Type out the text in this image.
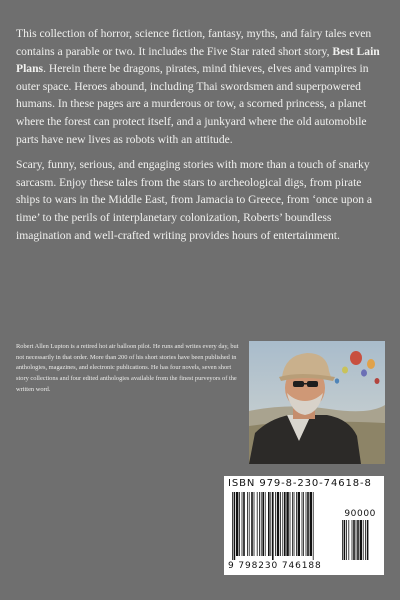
This collection of horror, science fiction, fantasy, myths, and fairy tales even contains a parable or two. It includes the Five Star rated short story, Best Lain Plans. Herein there be dragons, pirates, mind thieves, elves and vampires in outer space. Heroes abound, including Thai swordsmen and superpowered humans. In these pages are a murderous or tow, a scorned princess, a planet where the forest can protect itself, and a junkyard where the old automobile parts have new lives as robots with an attitude.

Scary, funny, serious, and engaging stories with more than a touch of snarky sarcasm. Enjoy these tales from the stars to archeological digs, from pirate ships to wars in the Middle East, from Jamacia to Greece, from ‘once upon a time’ to the perils of interplanetary colonization, Roberts’ boundless imagination and well-crafted writing provides hours of entertainment.

Robert Allen Lupton is a retired hot air balloon pilot. He runs and writes every day, but not necessarily in that order. More than 200 of his short stories have been published in anthologies, magazines, and electronic publications. He has four novels, seven short story collections and four edited anthologies available from the finest purveyors of the written word.
ISBN 979-8-230-74618-8
90000
9 798230 746188
